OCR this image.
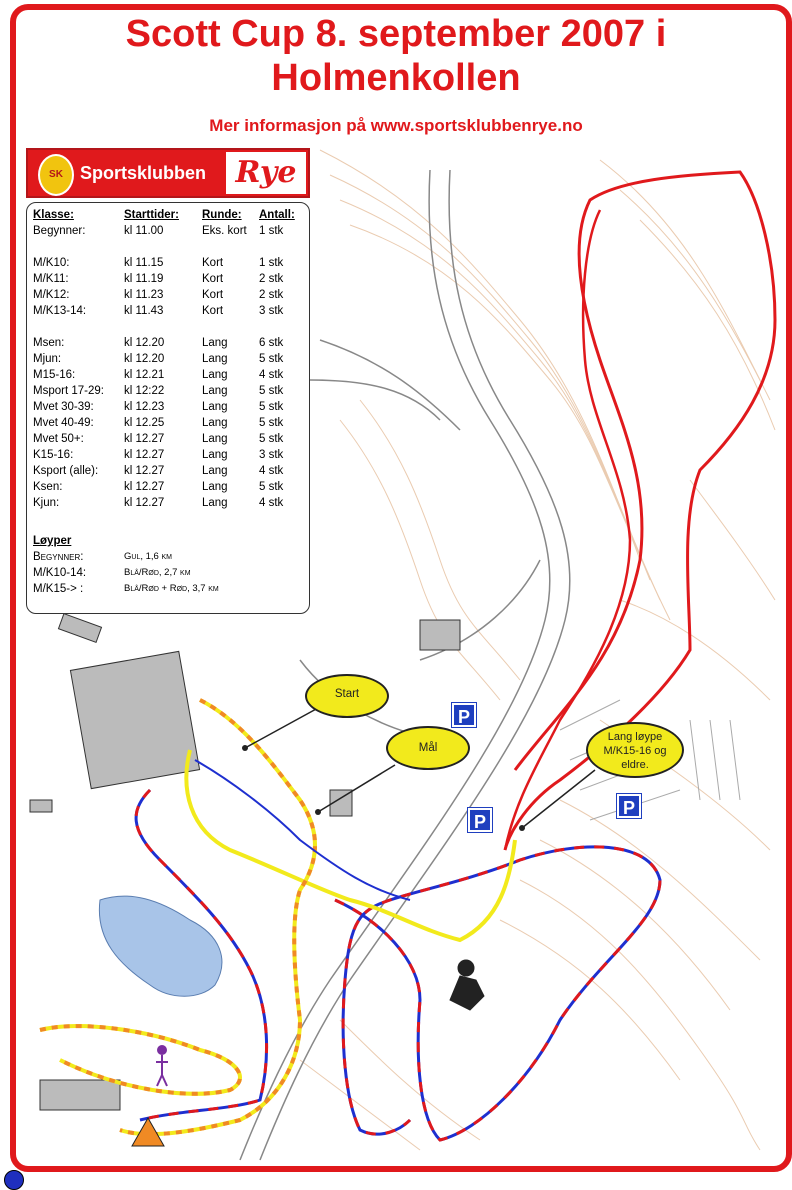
Scott Cup 8. september 2007 i
Holmenkollen
Mer informasjon på www.sportsklubbenrye.no
SK Sportsklubben Rye
Klasse:	Starttider: Runde: Antall:
Begynner:	kl 11.00	Eks. kort 1 stk
M/K10:	kl 11.15	Kort	1 stk
M/K11:	kl 11.19	Kort	2 stk
M/K12:	kl 11.23	Kort	2 stk
M/K13-14:	kl 11.43	Kort	3 stk
Msen:	kl 12.20	Lang	6 stk
Mjun:	kl 12.20	Lang	5 stk
M15-16:	kl 12.21	Lang	4 stk
Msport 17-29: kl 12:22	Lang	5 stk
Mvet 30-39:	kl 12.23	Lang	5 stk
Mvet 40-49:	kl 12.25	Lang	5 stk
Mvet 50+:	kl 12.27	Lang	5 stk
K15-16:	kl 12.27	Lang	3 stk
Ksport (alle): kl 12.27	Lang	4 stk
Ksen:	kl 12.27	Lang	5 stk
Kjun:	kl 12.27	Lang	4 stk
Løyper
Begynner:	Gul, 1,6 km
M/K10-14:	Blå/Rød, 2,7 km
M/K15-> :	Blå/Rød + Rød, 3,7 km
Start
Mål
Lang løype M/K15-16 og eldre.
P
P
P
